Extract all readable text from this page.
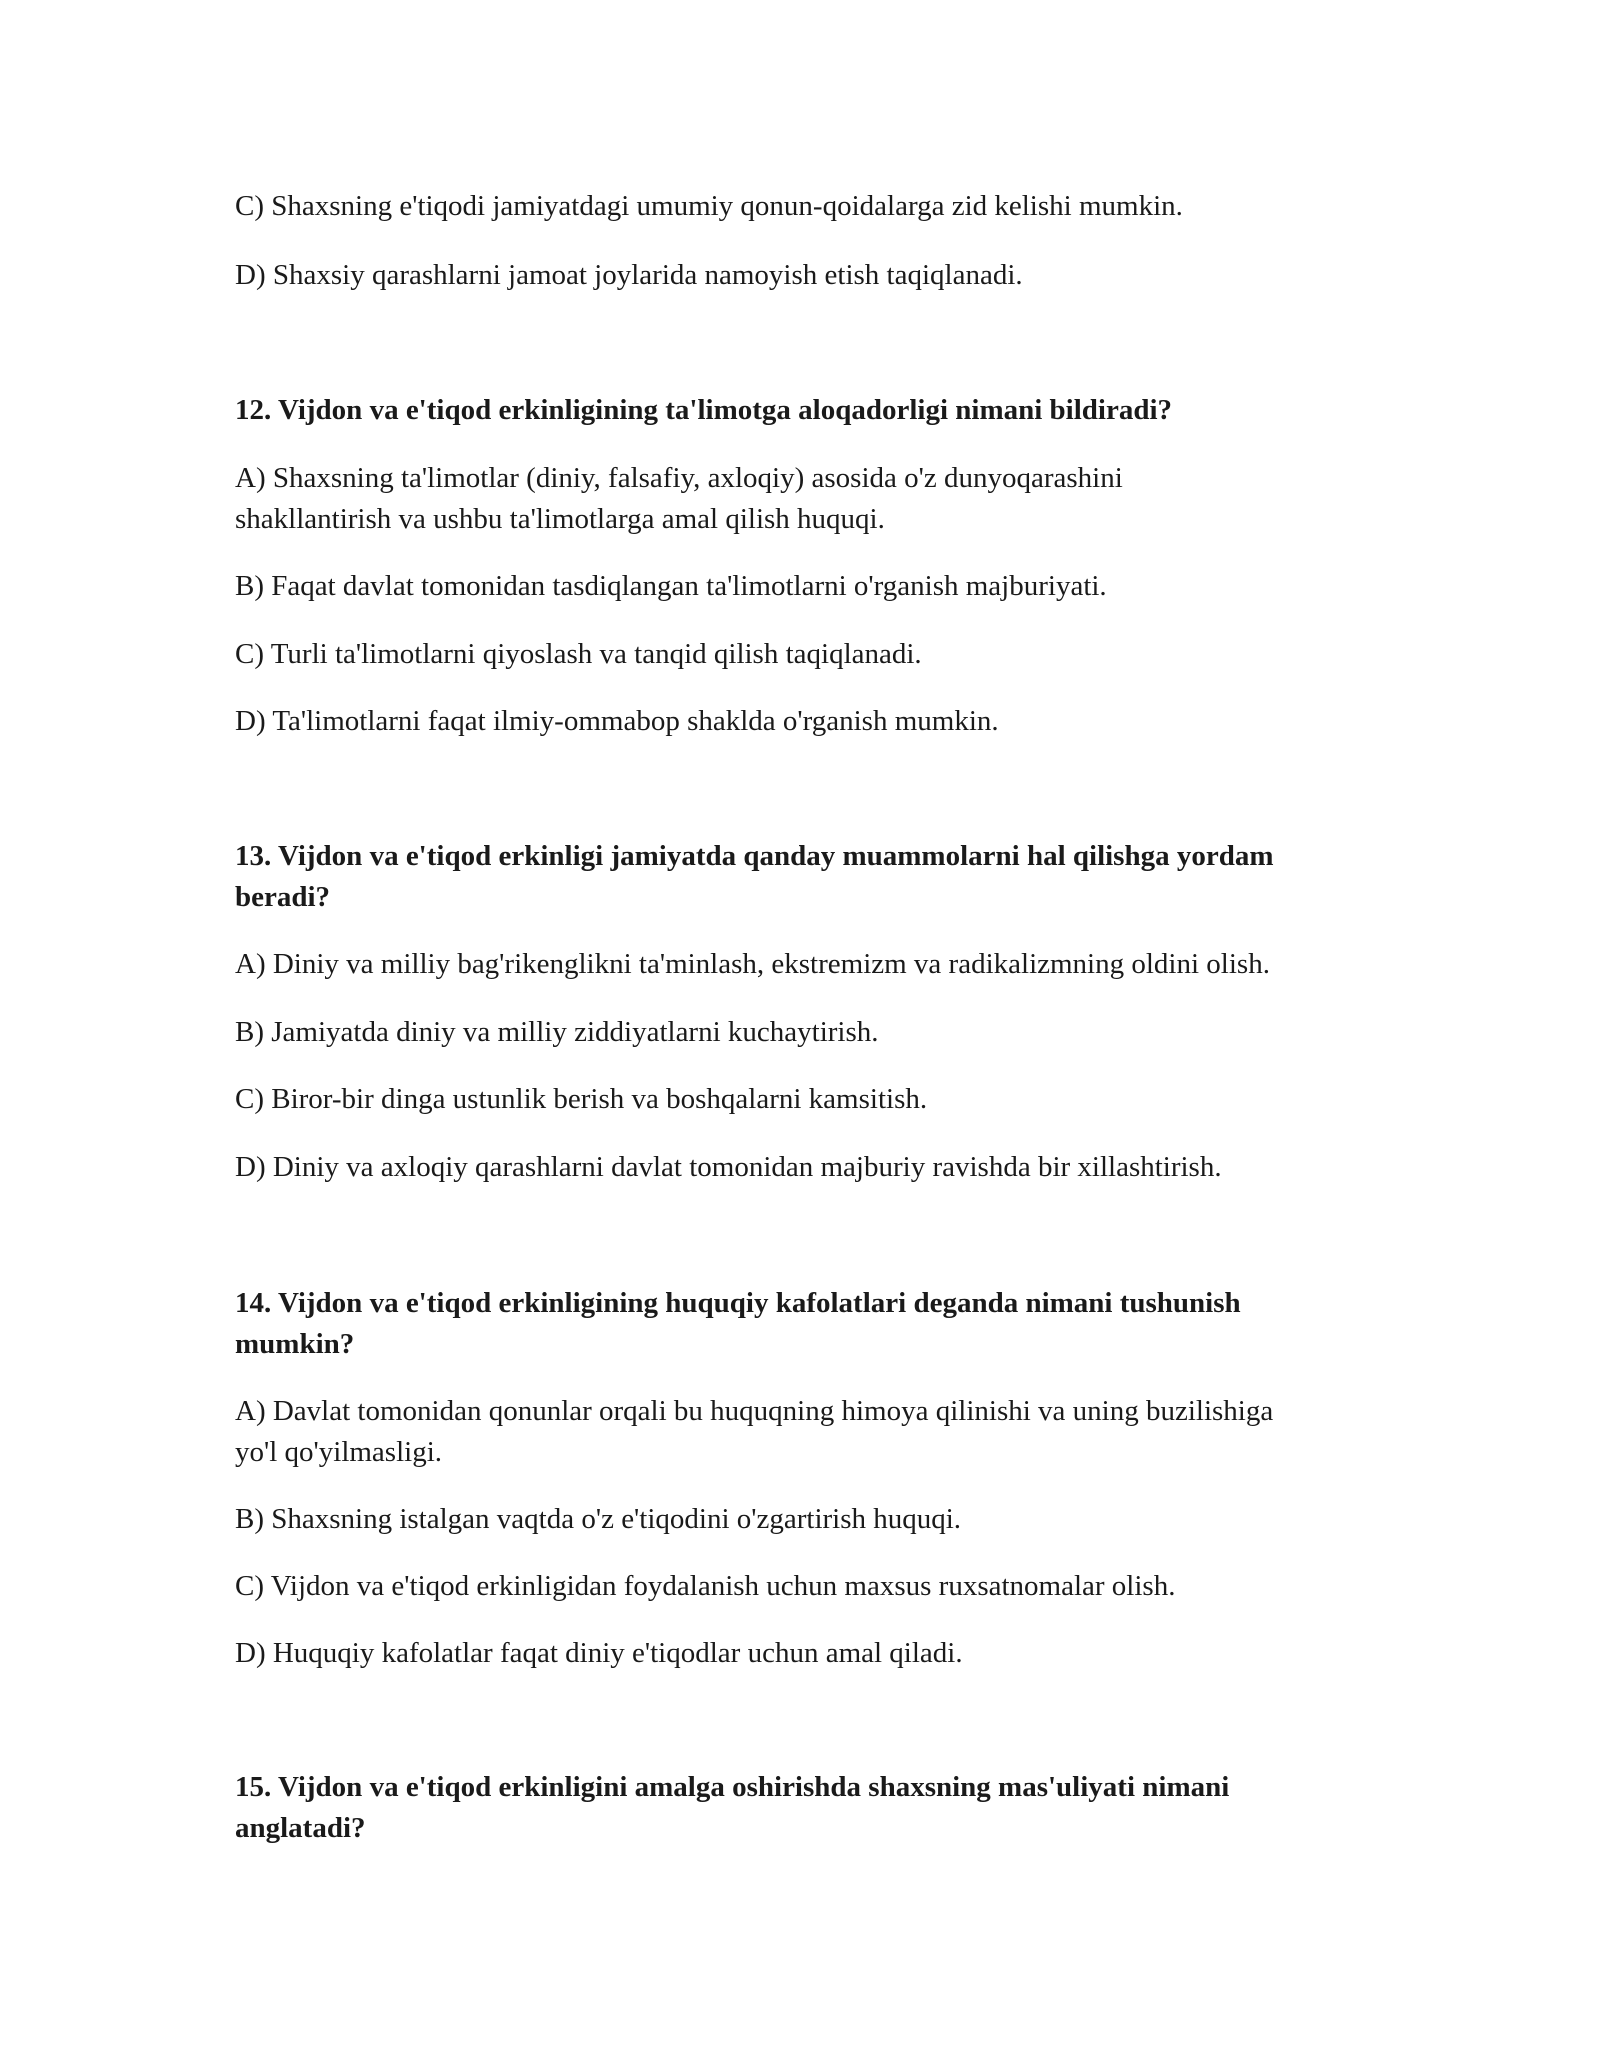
C) Shaxsning e'tiqodi jamiyatdagi umumiy qonun-qoidalarga zid kelishi mumkin.
D) Shaxsiy qarashlarni jamoat joylarida namoyish etish taqiqlanadi.
12. Vijdon va e'tiqod erkinligining ta'limotga aloqadorligi nimani bildiradi?
A) Shaxsning ta'limotlar (diniy, falsafiy, axloqiy) asosida o'z dunyoqarashini
shakllantirish va ushbu ta'limotlarga amal qilish huquqi.
B) Faqat davlat tomonidan tasdiqlangan ta'limotlarni o'rganish majburiyati.
C) Turli ta'limotlarni qiyoslash va tanqid qilish taqiqlanadi.
D) Ta'limotlarni faqat ilmiy-ommabop shaklda o'rganish mumkin.
13. Vijdon va e'tiqod erkinligi jamiyatda qanday muammolarni hal qilishga yordam
beradi?
A) Diniy va milliy bag'rikenglikni ta'minlash, ekstremizm va radikalizmning oldini olish.
B) Jamiyatda diniy va milliy ziddiyatlarni kuchaytirish.
C) Biror-bir dinga ustunlik berish va boshqalarni kamsitish.
D) Diniy va axloqiy qarashlarni davlat tomonidan majburiy ravishda bir xillashtirish.
14. Vijdon va e'tiqod erkinligining huquqiy kafolatlari deganda nimani tushunish
mumkin?
A) Davlat tomonidan qonunlar orqali bu huquqning himoya qilinishi va uning buzilishiga
yo'l qo'yilmasligi.
B) Shaxsning istalgan vaqtda o'z e'tiqodini o'zgartirish huquqi.
C) Vijdon va e'tiqod erkinligidan foydalanish uchun maxsus ruxsatnomalar olish.
D) Huquqiy kafolatlar faqat diniy e'tiqodlar uchun amal qiladi.
15. Vijdon va e'tiqod erkinligini amalga oshirishda shaxsning mas'uliyati nimani
anglatadi?
